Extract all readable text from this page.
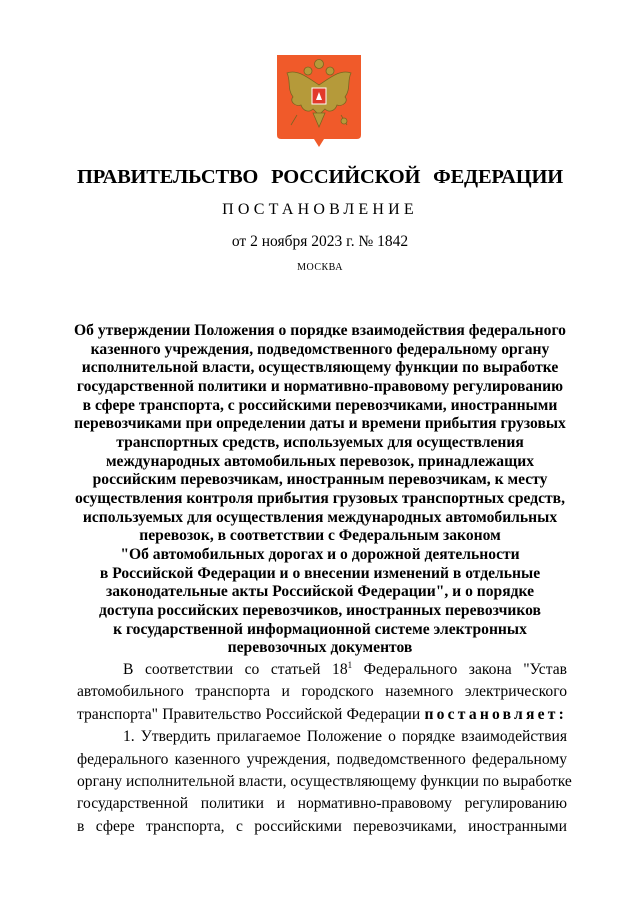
ПРАВИТЕЛЬСТВО РОССИЙСКОЙ ФЕДЕРАЦИИ
ПОСТАНОВЛЕНИЕ
от 2 ноября 2023 г. № 1842
МОСКВА
Об утверждении Положения о порядке взаимодействия федерального
казенного учреждения, подведомственного федеральному органу
исполнительной власти, осуществляющему функции по выработке
государственной политики и нормативно-правовому регулированию
в сфере транспорта, с российскими перевозчиками, иностранными
перевозчиками при определении даты и времени прибытия грузовых
транспортных средств, используемых для осуществления
международных автомобильных перевозок, принадлежащих
российским перевозчикам, иностранным перевозчикам, к месту
осуществления контроля прибытия грузовых транспортных средств,
используемых для осуществления международных автомобильных
перевозок, в соответствии с Федеральным законом
"Об автомобильных дорогах и о дорожной деятельности
в Российской Федерации и о внесении изменений в отдельные
законодательные акты Российской Федерации", и о порядке
доступа российских перевозчиков, иностранных перевозчиков
к государственной информационной системе электронных
перевозочных документов
В соответствии со статьей $18^1$ Федерального закона "Устав
автомобильного транспорта и городского наземного электрического
транспорта" Правительство Российской Федерации постановляет:
1. Утвердить прилагаемое Положение о порядке взаимодействия
федерального казенного учреждения, подведомственного федеральному
органу исполнительной власти, осуществляющему функции по выработке
государственной политики и нормативно-правовому регулированию
в сфере транспорта, с российскими перевозчиками, иностранными
